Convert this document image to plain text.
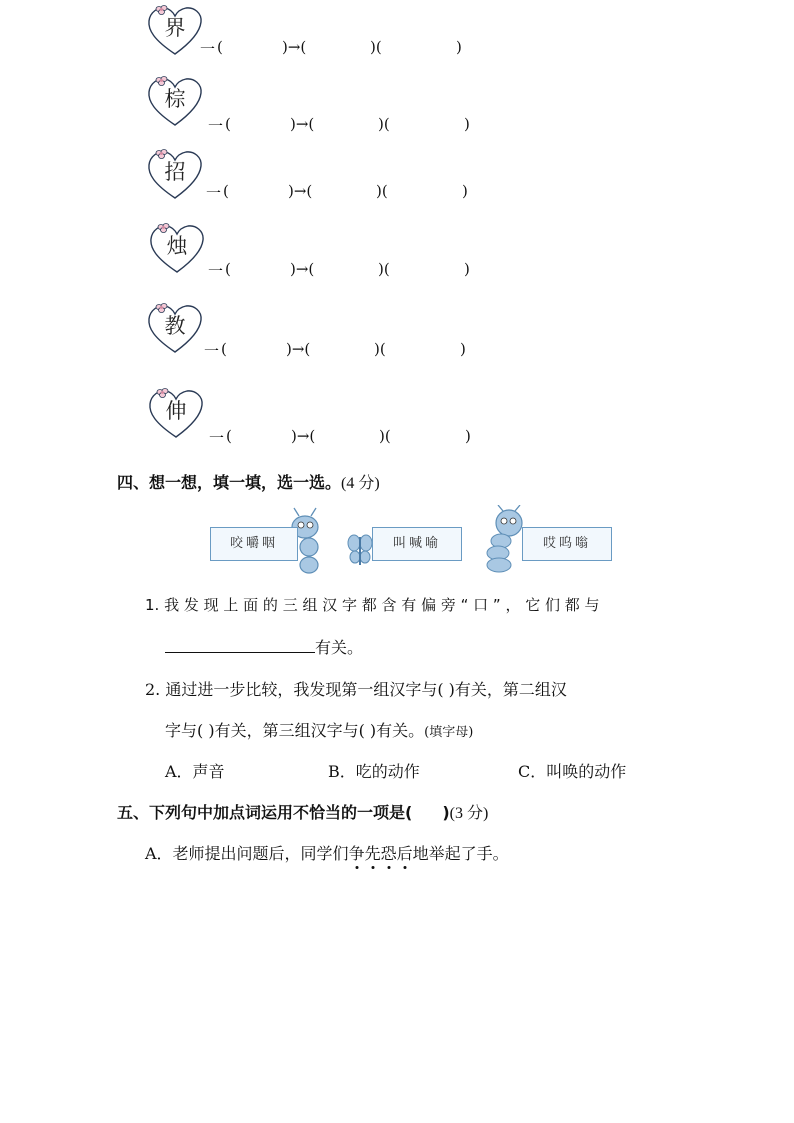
界
一 (	)→(	)(	)
棕
一 (	)→(	)(	)
招
一 (	)→(	)(	)
烛
一 (	)→(	)(	)
教
一 (	)→(	)(	)
伸
一 (	)→(	)(	)
四、想一想，填一填，选一选。(4 分)
咬嚼咽	叫喊喻	哎呜嗡
1. 我 发 现 上 面 的 三 组 汉 字 都 含 有 偏 旁 “ 口 ” ， 它 们 都 与
有关。
2. 通过进一步比较，我发现第一组汉字与( )有关，第二组汉
字与( )有关，第三组汉字与( )有关。(填字母)
A．声音	B．吃的动作	C．叫唤的动作
五、下列句中加点词运用不恰当的一项是( )(3 分)
A．老师提出问题后，同学们争先恐后地举起了手。
